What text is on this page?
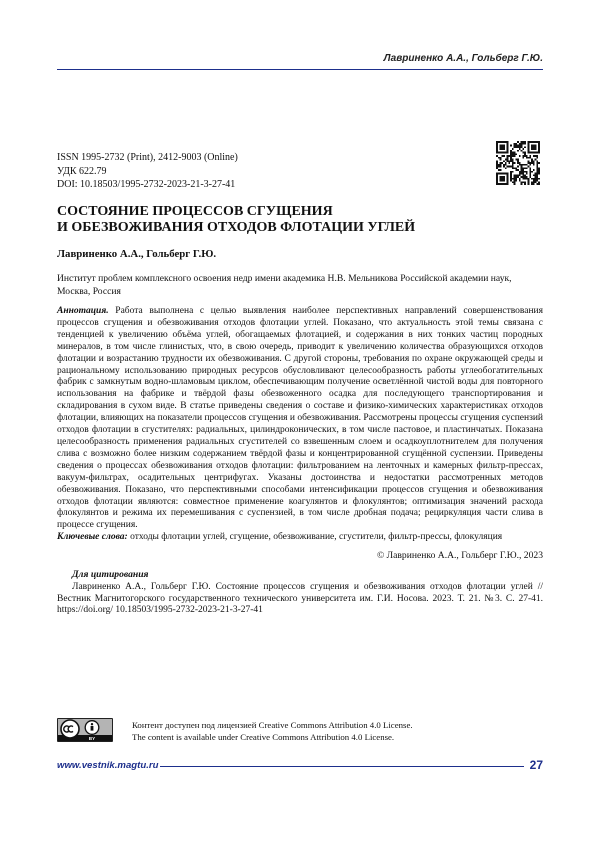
Лавриненко А.А., Гольберг Г.Ю.
ISSN 1995-2732 (Print), 2412-9003 (Online)
УДК 622.79
DOI: 10.18503/1995-2732-2023-21-3-27-41
СОСТОЯНИЕ ПРОЦЕССОВ СГУЩЕНИЯ
И ОБЕЗВОЖИВАНИЯ ОТХОДОВ ФЛОТАЦИИ УГЛЕЙ
Лавриненко А.А., Гольберг Г.Ю.
Институт проблем комплексного освоения недр имени академика Н.В. Мельникова Российской академии наук, Москва, Россия
Аннотация. Работа выполнена с целью выявления наиболее перспективных направлений совершенствования процессов сгущения и обезвоживания отходов флотации углей. Показано, что актуальность этой темы связана с тенденцией к увеличению объёма углей, обогащаемых флотацией, и содержания в них тонких частиц породных минералов, в том числе глинистых, что, в свою очередь, приводит к увеличению количества образующихся отходов флотации и возрастанию трудности их обезвоживания. С другой стороны, требования по охране окружающей среды и рациональному использованию природных ресурсов обусловливают целесообразность работы углеобогатительных фабрик с замкнутым водно-шламовым циклом, обеспечивающим получение осветлённой чистой воды для повторного использования на фабрике и твёрдой фазы обезвоженного осадка для последующего транспортирования и складирования в сухом виде. В статье приведены сведения о составе и физико-химических характеристиках отходов флотации, влияющих на показатели процессов сгущения и обезвоживания. Рассмотрены процессы сгущения суспензий отходов флотации в сгустителях: радиальных, цилиндроконических, в том числе пастовое, и пластинчатых. Показана целесообразность применения радиальных сгустителей со взвешенным слоем и осадкоуплотнителем для получения слива с возможно более низким содержанием твёрдой фазы и концентрированной сгущённой суспензии. Приведены сведения о процессах обезвоживания отходов флотации: фильтрованием на ленточных и камерных фильтр-прессах, вакуум-фильтрах, осадительных центрифугах. Указаны достоинства и недостатки рассмотренных методов обезвоживания. Показано, что перспективными способами интенсификации процессов сгущения и обезвоживания отходов флотации являются: совместное применение коагулянтов и флокулянтов; оптимизация значений расхода флокулянтов и режима их перемешивания с суспензией, в том числе дробная подача; рециркуляция части слива в процессе сгущения.
Ключевые слова: отходы флотации углей, сгущение, обезвоживание, сгустители, фильтр-прессы, флокуляция
© Лавриненко А.А., Гольберг Г.Ю., 2023
Для цитирования
Лавриненко А.А., Гольберг Г.Ю. Состояние процессов сгущения и обезвоживания отходов флотации углей // Вестник Магнитогорского государственного технического университета им. Г.И. Носова. 2023. Т. 21. №3. С. 27-41. https://doi.org/ 10.18503/1995-2732-2023-21-3-27-41
BY
Контент доступен под лицензией Creative Commons Attribution 4.0 License.
The content is available under Creative Commons Attribution 4.0 License.
www.vestnik.magtu.ru	27
